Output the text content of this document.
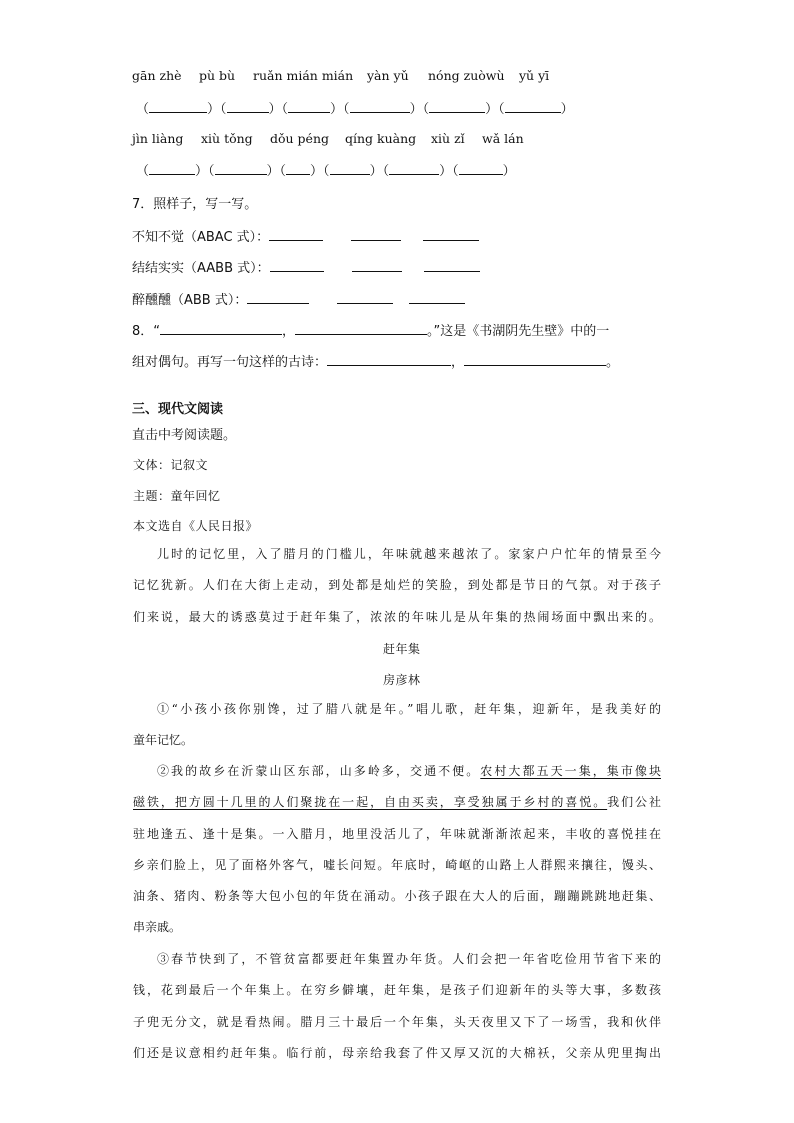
gān zhè pù bù ruǎn mián mián yàn yǔ nóng zuòwù yǔ yī
（	）（	）（	）（	）（	）（	）
jìn liàng xiù tǒng dǒu péng qíng kuàng xiù zǐ wǎ lán
（	）（	）（ ）（	）（	）（	）
7．照样子，写一写。
不知不觉（ABAC 式）：
结结实实（AABB 式）：
醉醺醺（ABB 式）：
8．“	，	。”这是《书湖阴先生壁》中的一
组对偶句。再写一句这样的古诗：	，	。
三、现代文阅读
直击中考阅读题。
文体：记叙文
主题：童年回忆
本文选自《人民日报》
儿时的记忆里，入了腊月的门槛儿，年味就越来越浓了。家家户户忙年的情景至今
记忆犹新。人们在大街上走动，到处都是灿烂的笑脸，到处都是节日的气氛。对于孩子
们来说，最大的诱惑莫过于赶年集了，浓浓的年味儿是从年集的热闹场面中飘出来的。
赶年集
房彦林
①“小孩小孩你别馋，过了腊八就是年。”唱儿歌，赶年集，迎新年，是我美好的
童年记忆。
②我的故乡在沂蒙山区东部，山多岭多，交通不便。农村大都五天一集，集市像块
磁铁，把方圆十几里的人们聚拢在一起，自由买卖，享受独属于乡村的喜悦。我们公社
驻地逢五、逢十是集。一入腊月，地里没活儿了，年味就渐渐浓起来，丰收的喜悦挂在
乡亲们脸上，见了面格外客气，嘘长问短。年底时，崎岖的山路上人群熙来攘往，馒头、
油条、猪肉、粉条等大包小包的年货在涌动。小孩子跟在大人的后面，蹦蹦跳跳地赶集、
串亲戚。
③春节快到了，不管贫富都要赶年集置办年货。人们会把一年省吃俭用节省下来的
钱，花到最后一个年集上。在穷乡僻壤，赶年集，是孩子们迎新年的头等大事，多数孩
子兜无分文，就是看热闹。腊月三十最后一个年集，头天夜里又下了一场雪，我和伙伴
们还是议意相约赶年集。临行前，母亲给我套了件又厚又沉的大棉袄，父亲从兜里掏出
